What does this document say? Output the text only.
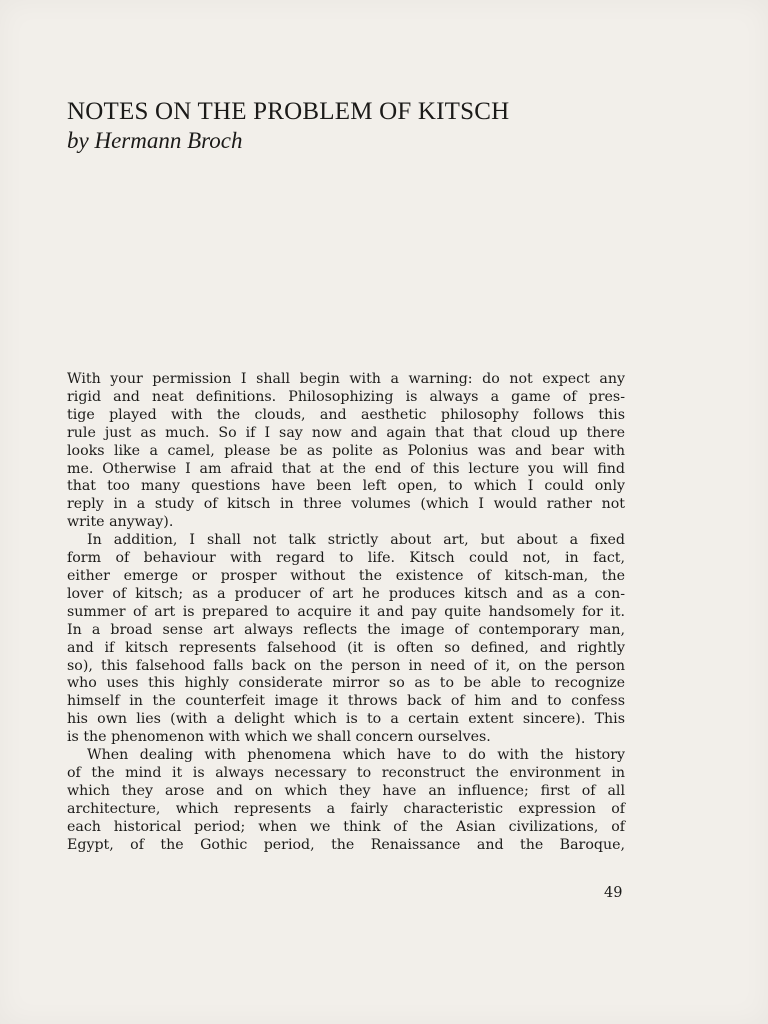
NOTES ON THE PROBLEM OF KITSCH
by Hermann Broch

With your permission I shall begin with a warning: do not expect any
rigid and neat definitions. Philosophizing is always a game of pres-
tige played with the clouds, and aesthetic philosophy follows this
rule just as much. So if I say now and again that that cloud up there
looks like a camel, please be as polite as Polonius was and bear with
me. Otherwise I am afraid that at the end of this lecture you will find
that too many questions have been left open, to which I could only
reply in a study of kitsch in three volumes (which I would rather not
write anyway).

In addition, I shall not talk strictly about art, but about a fixed
form of behaviour with regard to life. Kitsch could not, in fact,
either emerge or prosper without the existence of kitsch-man, the
lover of kitsch; as a producer of art he produces kitsch and as a con-
summer of art is prepared to acquire it and pay quite handsomely for it.
In a broad sense art always reflects the image of contemporary man,
and if kitsch represents falsehood (it is often so defined, and rightly
so), this falsehood falls back on the person in need of it, on the person
who uses this highly considerate mirror so as to be able to recognize
himself in the counterfeit image it throws back of him and to confess
his own lies (with a delight which is to a certain extent sincere). This
is the phenomenon with which we shall concern ourselves.

When dealing with phenomena which have to do with the history
of the mind it is always necessary to reconstruct the environment in
which they arose and on which they have an influence; first of all
architecture, which represents a fairly characteristic expression of
each historical period; when we think of the Asian civilizations, of
Egypt, of the Gothic period, the Renaissance and the Baroque,

49
